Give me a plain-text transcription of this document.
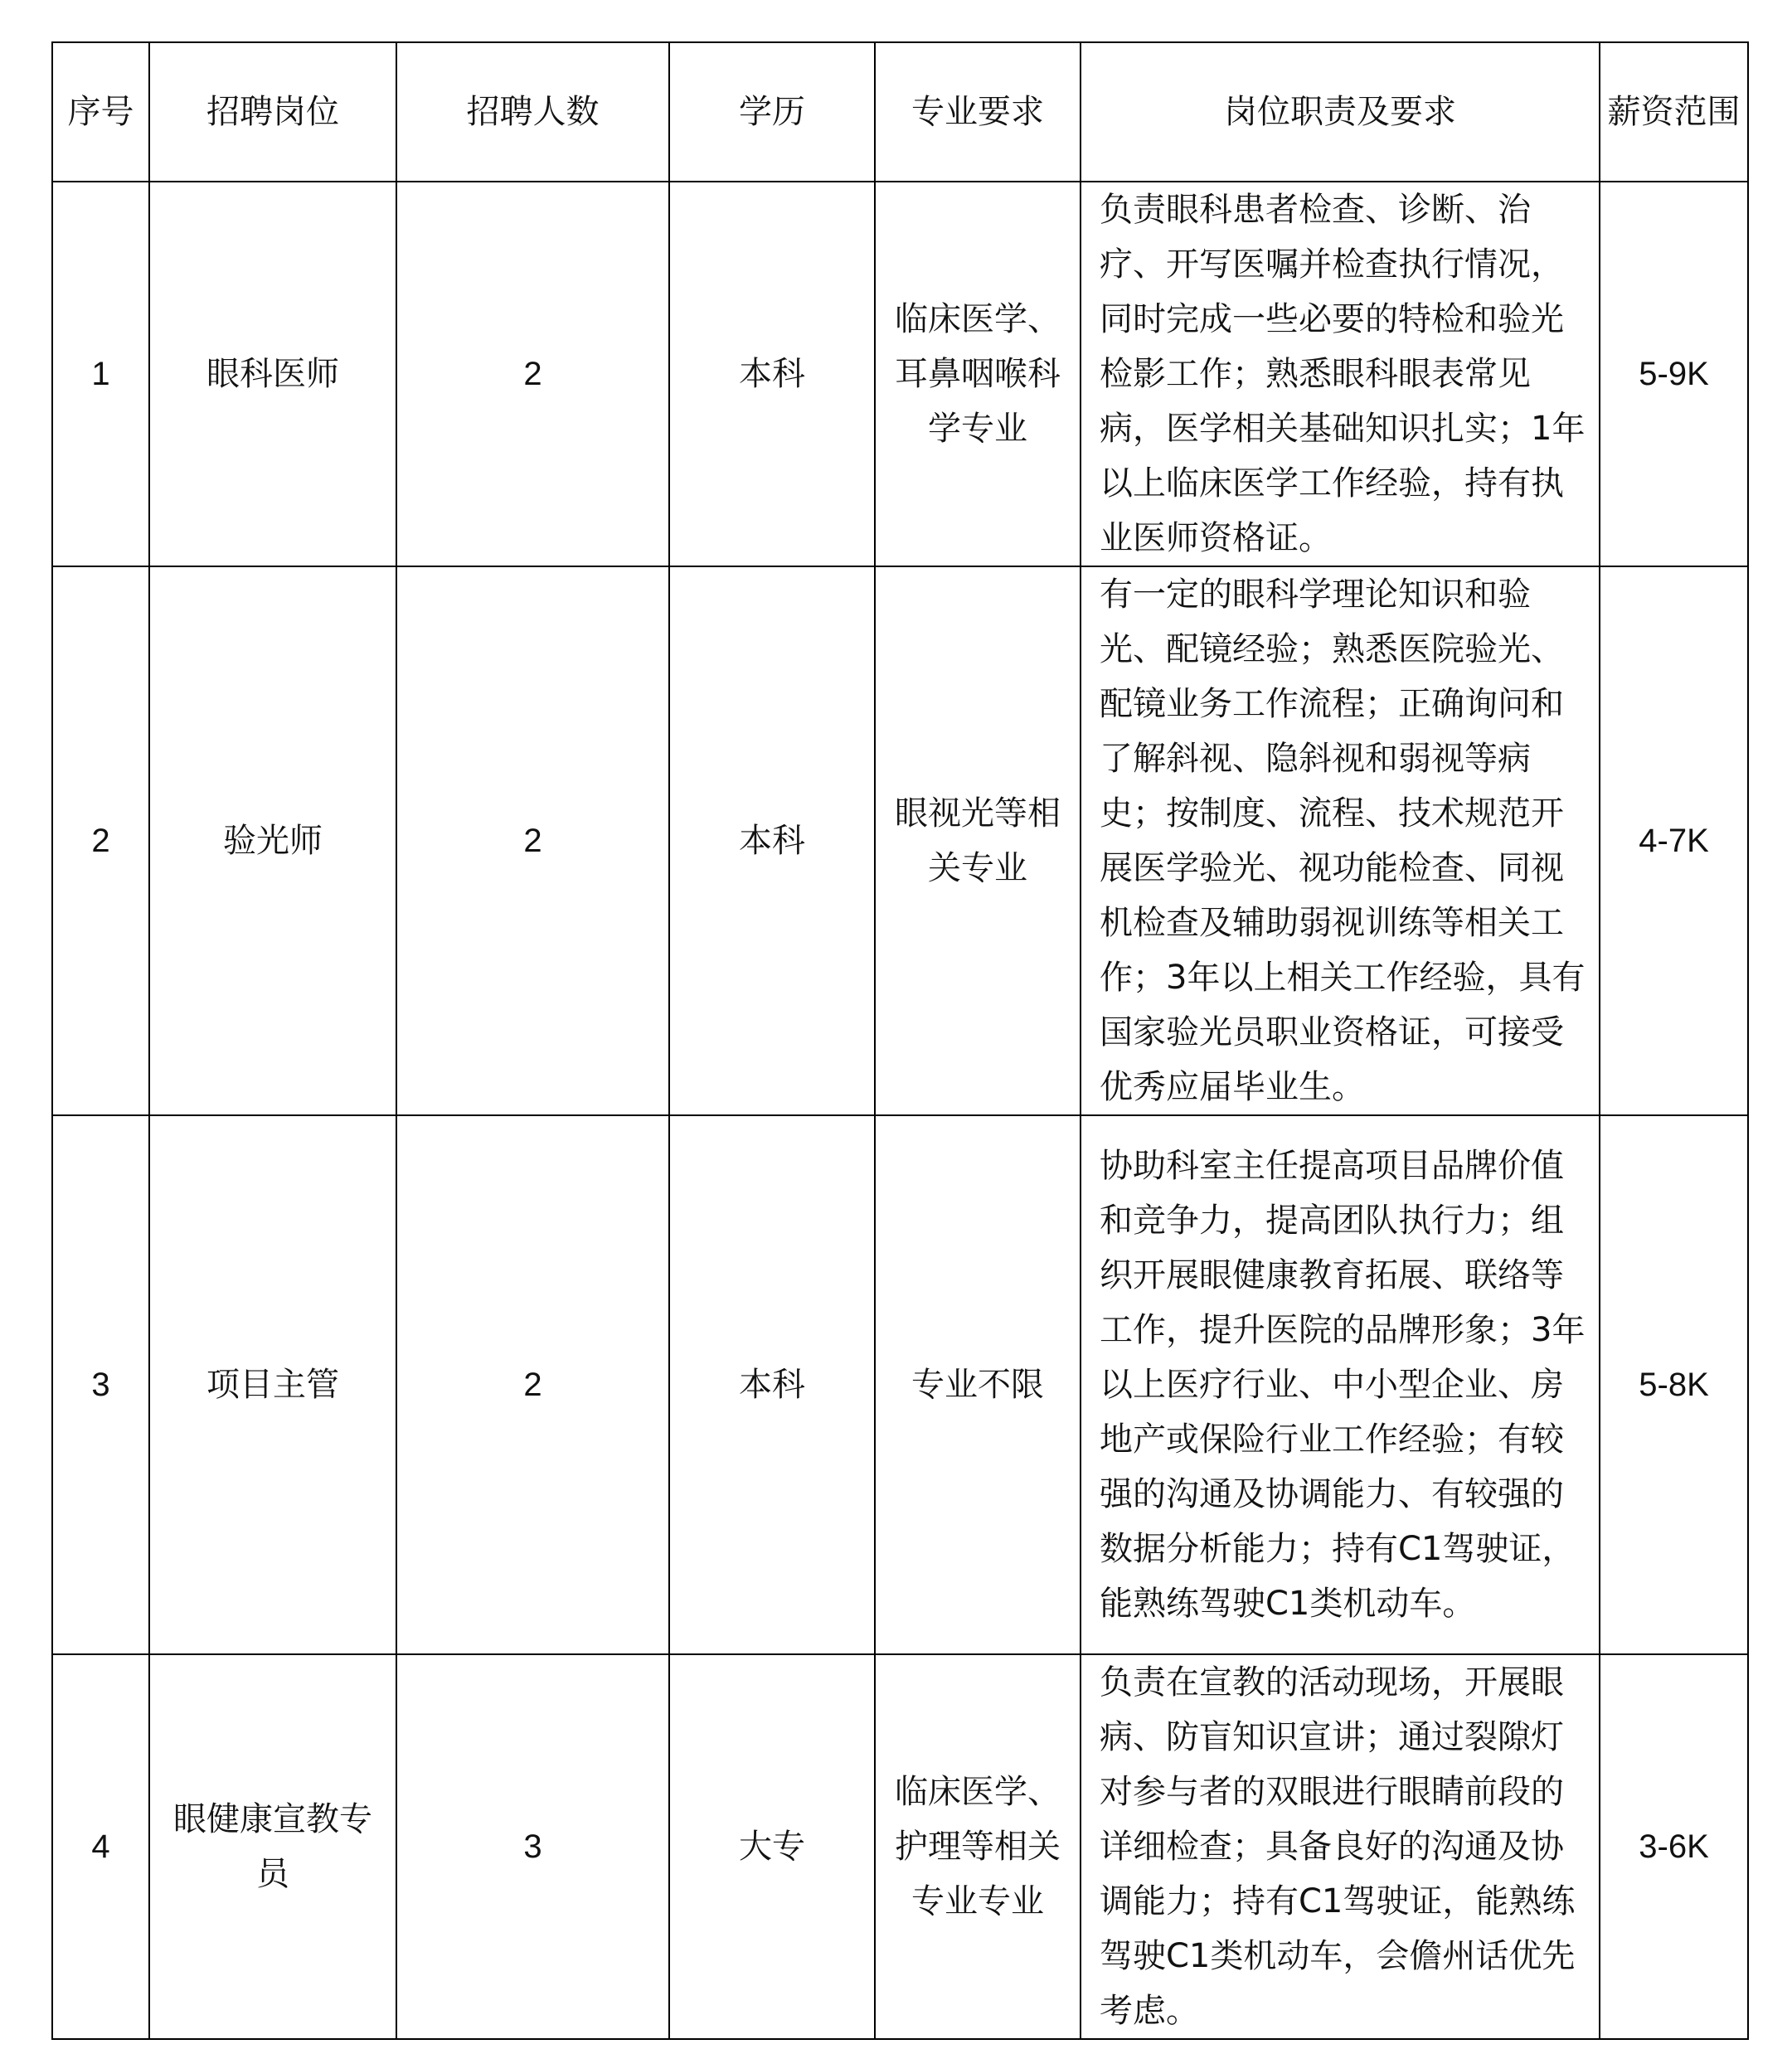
序号	招聘岗位	招聘人数	学历	专业要求	岗位职责及要求	薪资范围

1	眼科医师	2	本科	临床医学、耳鼻咽喉科学专业	负责眼科患者检查、诊断、治疗、开写医嘱并检查执行情况，同时完成一些必要的特检和验光检影工作；熟悉眼科眼表常见病，医学相关基础知识扎实；1年以上临床医学工作经验，持有执业医师资格证。	5-9K
2	验光师	2	本科	眼视光等相关专业	有一定的眼科学理论知识和验光、配镜经验；熟悉医院验光、配镜业务工作流程；正确询问和了解斜视、隐斜视和弱视等病史；按制度、流程、技术规范开展医学验光、视功能检查、同视机检查及辅助弱视训练等相关工作；3年以上相关工作经验，具有国家验光员职业资格证，可接受优秀应届毕业生。	4-7K
3	项目主管	2	本科	专业不限	协助科室主任提高项目品牌价值和竞争力，提高团队执行力；组织开展眼健康教育拓展、联络等工作，提升医院的品牌形象；3年以上医疗行业、中小型企业、房地产或保险行业工作经验；有较强的沟通及协调能力、有较强的数据分析能力；持有C1驾驶证，能熟练驾驶C1类机动车。	5-8K
4	眼健康宣教专员	3	大专	临床医学、护理等相关专业专业	负责在宣教的活动现场，开展眼病、防盲知识宣讲；通过裂隙灯对参与者的双眼进行眼睛前段的详细检查；具备良好的沟通及协调能力；持有C1驾驶证，能熟练驾驶C1类机动车，会儋州话优先考虑。	3-6K
